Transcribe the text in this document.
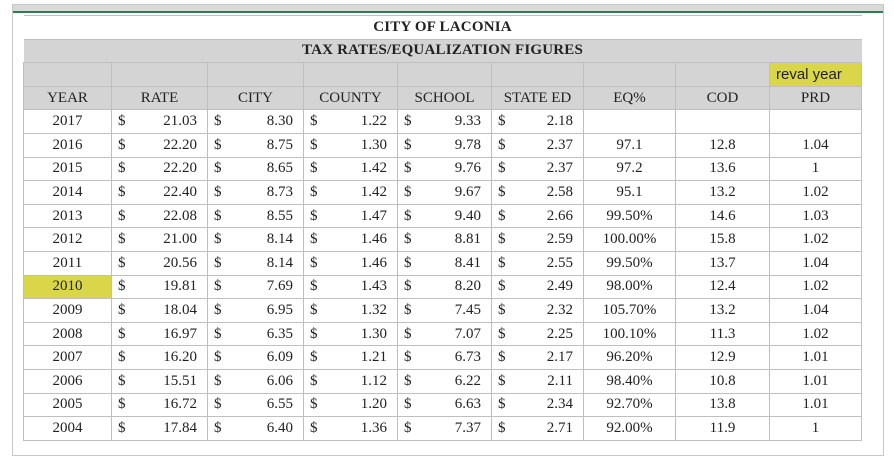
CITY OF LACONIA								
TAX RATES/EQUALIZATION FIGURES								
								reval year
YEAR	RATE	CITY	COUNTY	SCHOOL	STATE ED	EQ%	COD	PRD
2017	$ 21.03	$ 8.30	$ 1.22	$ 9.33	$ 2.18			

2016	$ 22.20	$ 8.75	$ 1.30	$ 9.78	$ 2.37	97.1	12.8	1.04
2015	$ 22.20	$ 8.65	$ 1.42	$ 9.76	$ 2.37	97.2	13.6	1
2014	$ 22.40	$ 8.73	$ 1.42	$ 9.67	$ 2.58	95.1	13.2	1.02
2013	$ 22.08	$ 8.55	$ 1.47	$ 9.40	$ 2.66	99.50%	14.6	1.03
2012	$ 21.00	$ 8.14	$ 1.46	$ 8.81	$ 2.59	100.00%	15.8	1.02
2011	$ 20.56	$ 8.14	$ 1.46	$ 8.41	$ 2.55	99.50%	13.7	1.04
2010	$ 19.81	$ 7.69	$ 1.43	$ 8.20	$ 2.49	98.00%	12.4	1.02
2009	$ 18.04	$ 6.95	$ 1.32	$ 7.45	$ 2.32	105.70%	13.2	1.04
2008	$ 16.97	$ 6.35	$ 1.30	$ 7.07	$ 2.25	100.10%	11.3	1.02
2007	$ 16.20	$ 6.09	$ 1.21	$ 6.73	$ 2.17	96.20%	12.9	1.01
2006	$ 15.51	$ 6.06	$ 1.12	$ 6.22	$ 2.11	98.40%	10.8	1.01
2005	$ 16.72	$ 6.55	$ 1.20	$ 6.63	$ 2.34	92.70%	13.8	1.01
2004	$ 17.84	$ 6.40	$ 1.36	$ 7.37	$ 2.71	92.00%	11.9	1
